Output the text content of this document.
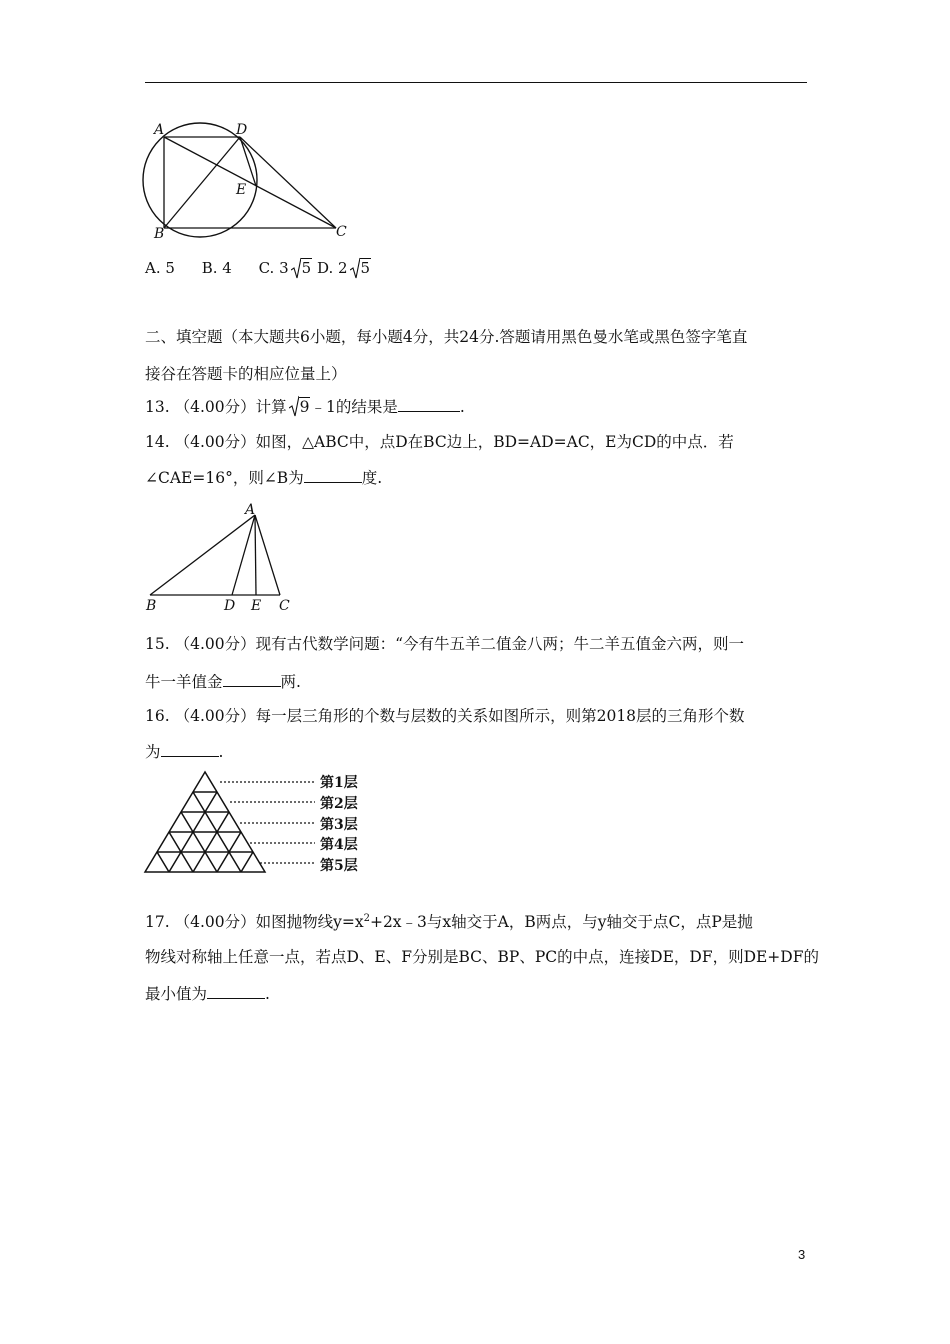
A	D
E
B	C
A. 5 B. 4 C. 3 5 D. 2 5
二、填空题（本大题共6小题，每小题4分，共24分.答题请用黑色曼水笔或黑色签字笔直
接谷在答题卡的相应位量上）
13. （4.00分）计算 9﹣1的结果是	.
14. （4.00分）如图，△ABC中，点D在BC边上，BD=AD=AC，E为CD的中点．若
∠CAE=16°，则∠B为	度.
A
B	D E C
15. （4.00分）现有古代数学问题：“今有牛五羊二值金八两；牛二羊五值金六两，则一
牛一羊值金	两.
16. （4.00分）每一层三角形的个数与层数的关系如图所示，则第2018层的三角形个数
为	.
第1层
第2层
第3层
第4层
第5层
17. （4.00分）如图抛物线$y=x^2+2x﹣3$与x轴交于A，B两点，与y轴交于点C，点P是抛
物线对称轴上任意一点，若点D、E、F分别是BC、BP、PC的中点，连接DE，DF，则DE+DF的
最小值为	.
3
